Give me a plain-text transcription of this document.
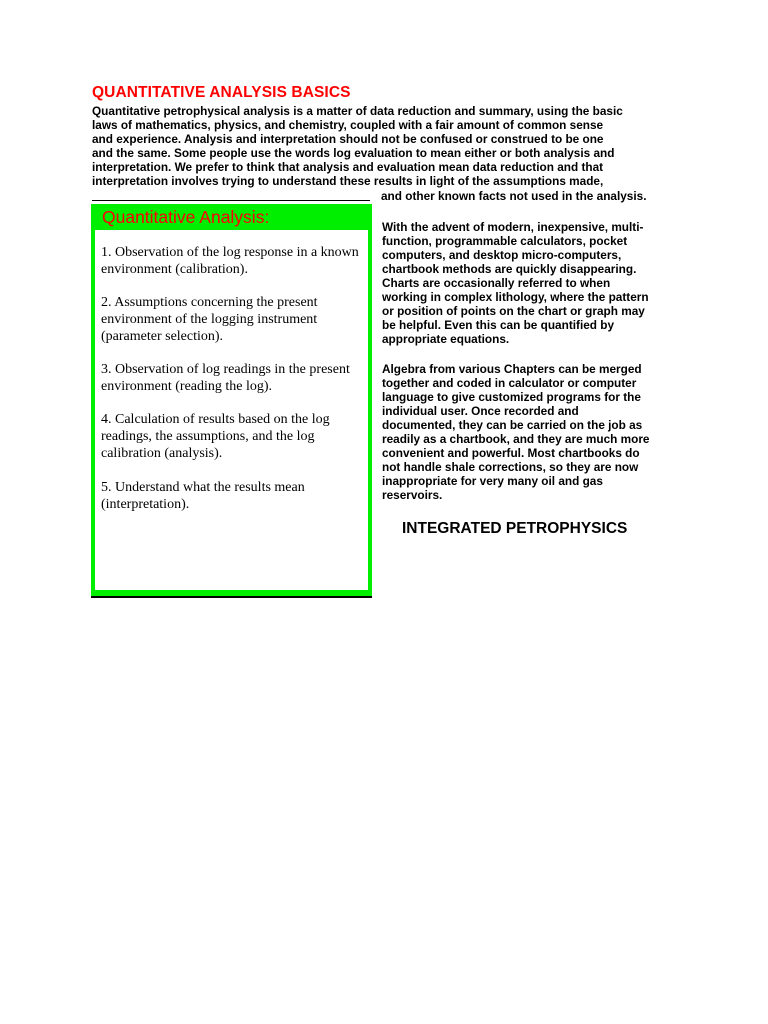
QUANTITATIVE ANALYSIS BASICS
Quantitative petrophysical analysis is a matter of data reduction and summary, using the basic
laws of mathematics, physics, and chemistry, coupled with a fair amount of common sense
and experience. Analysis and interpretation should not be confused or construed to be one
and the same. Some people use the words log evaluation to mean either or both analysis and
interpretation. We prefer to think that analysis and evaluation mean data reduction and that
interpretation involves trying to understand these results in light of the assumptions made,
and other known facts not used in the analysis.
Quantitative Analysis:
1. Observation of the log response in a known environment (calibration).
2. Assumptions concerning the present environment of the logging instrument (parameter selection).
3. Observation of log readings in the present environment (reading the log).
4. Calculation of results based on the log readings, the assumptions, and the log calibration (analysis).
5. Understand what the results mean (interpretation).
With the advent of modern, inexpensive, multi-
function, programmable calculators, pocket
computers, and desktop micro-computers,
chartbook methods are quickly disappearing.
Charts are occasionally referred to when
working in complex lithology, where the pattern
or position of points on the chart or graph may
be helpful. Even this can be quantified by
appropriate equations.
Algebra from various Chapters can be merged
together and coded in calculator or computer
language to give customized programs for the
individual user. Once recorded and
documented, they can be carried on the job as
readily as a chartbook, and they are much more
convenient and powerful. Most chartbooks do
not handle shale corrections, so they are now
inappropriate for very many oil and gas
reservoirs.
INTEGRATED PETROPHYSICS
